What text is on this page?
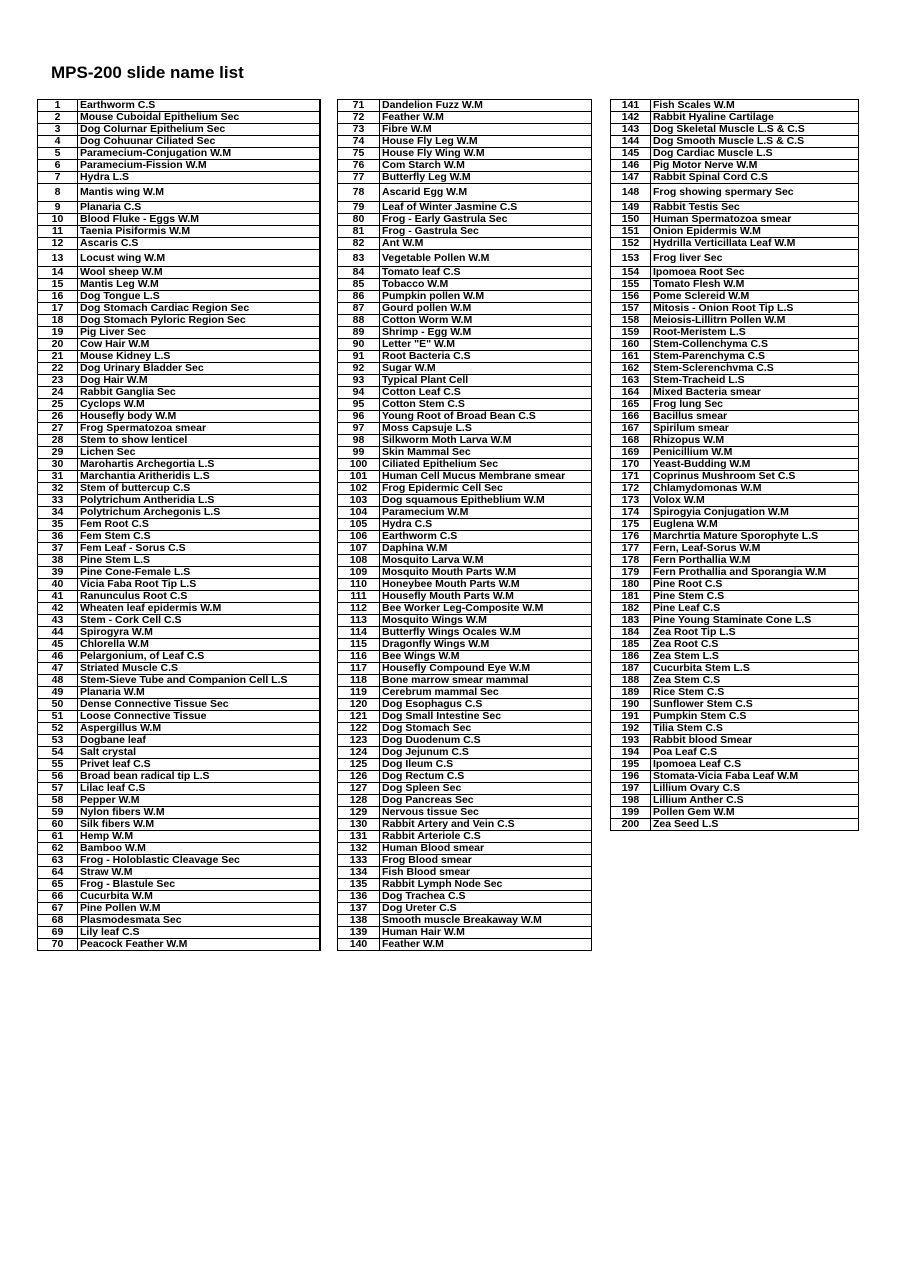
MPS-200 slide name list
1	Earthworm C.S
2	Mouse Cuboidal Epithelium Sec
3	Dog Colurnar Epithelium Sec
4	Dog Cohuunar Ciliated Sec
5	Paramecium-Conjugation W.M
6	Paramecium-Fission W.M
7	Hydra L.S
8	Mantis wing W.M
9	Planaria C.S
10	Blood Fluke - Eggs W.M
11	Taenia Pisiformis W.M
12	Ascaris C.S
13	Locust wing W.M
14	Wool sheep W.M
15	Mantis Leg W.M
16	Dog Tongue L.S
17	Dog Stomach Cardiac Region Sec
18	Dog Stomach Pyloric Region Sec
19	Pig Liver Sec
20	Cow Hair W.M
21	Mouse Kidney L.S
22	Dog Urinary Bladder Sec
23	Dog Hair W.M
24	Rabbit Ganglia Sec
25	Cyclops W.M
26	Housefly body W.M
27	Frog Spermatozoa smear
28	Stem to show lenticel
29	Lichen Sec
30	Marohartis Archegortia L.S
31	Marchantia Aritheridis L.S
32	Stem of buttercup C.S
33	Polytrichum Antheridia L.S
34	Polytrichum Archegonis L.S
35	Fem Root C.S
36	Fem Stem C.S
37	Fem Leaf - Sorus C.S
38	Pine Stem L.S
39	Pine Cone-Female L.S
40	Vicia Faba Root Tip L.S
41	Ranunculus Root C.S
42	Wheaten leaf epidermis W.M
43	Stem - Cork Cell C.S
44	Spirogyra W.M
45	Chlorella W.M
46	Pelargonium, of Leaf C.S
47	Striated Muscle C.S
48	Stem-Sieve Tube and Companion Cell L.S
49	Planaria W.M
50	Dense Connective Tissue Sec
51	Loose Connective Tissue
52	Aspergillus W.M
53	Dogbane leaf
54	Salt crystal
55	Privet leaf C.S
56	Broad bean radical tip L.S
57	Lilac leaf C.S
58	Pepper W.M
59	Nylon fibers W.M
60	Silk fibers W.M
61	Hemp W.M
62	Bamboo W.M
63	Frog - Holoblastic Cleavage Sec
64	Straw W.M
65	Frog - Blastule Sec
66	Cucurbita W.M
67	Pine Pollen W.M
68	Plasmodesmata Sec
69	Lily leaf C.S
70	Peacock Feather W.M
71	Dandelion Fuzz W.M
72	Feather W.M
73	Fibre W.M
74	House Fly Leg W.M
75	House Fly Wing W.M
76	Com Starch W.M
77	Butterfly Leg W.M
78	Ascarid Egg W.M
79	Leaf of Winter Jasmine C.S
80	Frog - Early Gastrula Sec
81	Frog - Gastrula Sec
82	Ant W.M
83	Vegetable Pollen W.M
84	Tomato leaf C.S
85	Tobacco W.M
86	Pumpkin pollen W.M
87	Gourd pollen W.M
88	Cotton Worm W.M
89	Shrimp - Egg W.M
90	Letter "E" W.M
91	Root Bacteria C.S
92	Sugar W.M
93	Typical Plant Cell
94	Cotton Leaf C.S
95	Cotton Stem C.S
96	Young Root of Broad Bean C.S
97	Moss Capsuje L.S
98	Silkworm Moth Larva W.M
99	Skin Mammal Sec
100	Ciliated Epithelium Sec
101	Human Cell Mucus Membrane smear
102	Frog Epidermic Cell Sec
103	Dog squamous Epitheblium W.M
104	Paramecium W.M
105	Hydra C.S
106	Earthworm C.S
107	Daphina W.M
108	Mosquito Larva W.M
109	Mosquito Mouth Parts W.M
110	Honeybee Mouth Parts W.M
111	Housefly Mouth Parts W.M
112	Bee Worker Leg-Composite W.M
113	Mosquito Wings W.M
114	Butterfly Wings Ocales W.M
115	Dragonfly Wings W.M
116	Bee Wings W.M
117	Housefly Compound Eye W.M
118	Bone marrow smear mammal
119	Cerebrum mammal Sec
120	Dog Esophagus C.S
121	Dog Small Intestine Sec
122	Dog Stomach Sec
123	Dog Duodenum C.S
124	Dog Jejunum C.S
125	Dog Ileum C.S
126	Dog Rectum C.S
127	Dog Spleen Sec
128	Dog Pancreas Sec
129	Nervous tissue Sec
130	Rabbit Artery and Vein C.S
131	Rabbit Arteriole C.S
132	Human Blood smear
133	Frog Blood smear
134	Fish Blood smear
135	Rabbit Lymph Node Sec
136	Dog Trachea C.S
137	Dog Ureter C.S
138	Smooth muscle Breakaway W.M
139	Human Hair W.M
140	Feather W.M
141	Fish Scales W.M
142	Rabbit Hyaline Cartilage
143	Dog Skeletal Muscle L.S & C.S
144	Dog Smooth Muscle L.S & C.S
145	Dog Cardiac Muscle L.S
146	Pig Motor Nerve W.M
147	Rabbit Spinal Cord C.S
148	Frog showing spermary Sec
149	Rabbit Testis Sec
150	Human Spermatozoa smear
151	Onion Epidermis W.M
152	Hydrilla Verticillata Leaf W.M
153	Frog liver Sec
154	Ipomoea Root Sec
155	Tomato Flesh W.M
156	Pome Sclereid W.M
157	Mitosis - Onion Root Tip L.S
158	Meiosis-Lillitrn Pollen W.M
159	Root-Meristem L.S
160	Stem-Collenchyma C.S
161	Stem-Parenchyma C.S
162	Stem-Sclerenchvma C.S
163	Stem-Tracheid L.S
164	Mixed Bacteria smear
165	Frog lung Sec
166	Bacillus smear
167	Spirilum smear
168	Rhizopus W.M
169	Penicillium W.M
170	Yeast-Budding W.M
171	Coprinus Mushroom Set C.S
172	Chlamydomonas W.M
173	Volox W.M
174	Spirogyia Conjugation W.M
175	Euglena W.M
176	Marchrtia Mature Sporophyte L.S
177	Fern, Leaf-Sorus W.M
178	Fern Porthallia W.M
179	Fern Prothallia and Sporangia W.M
180	Pine Root C.S
181	Pine Stem C.S
182	Pine Leaf C.S
183	Pine Young Staminate Cone L.S
184	Zea Root Tip L.S
185	Zea Root C.S
186	Zea Stem L.S
187	Cucurbita Stem L.S
188	Zea Stem C.S
189	Rice Stem C.S
190	Sunflower Stem C.S
191	Pumpkin Stem C.S
192	Tilia Stem C.S
193	Rabbit blood Smear
194	Poa Leaf C.S
195	Ipomoea Leaf C.S
196	Stomata-Vicia Faba Leaf W.M
197	Lillium Ovary C.S
198	Lillium Anther C.S
199	Pollen Gem W.M
200	Zea Seed L.S
